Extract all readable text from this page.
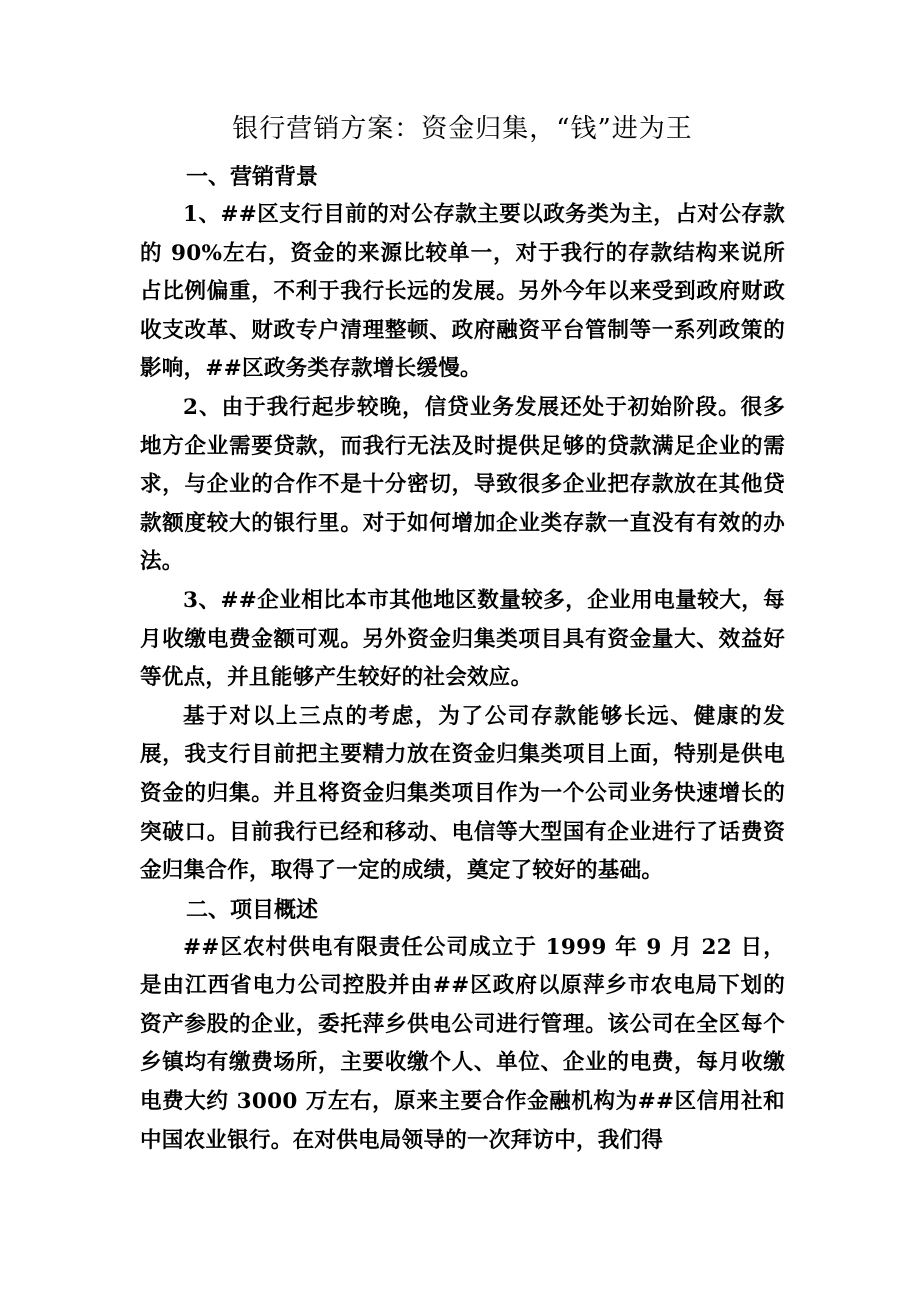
银行营销方案：资金归集，“钱”进为王
一、营销背景

1、##区支行目前的对公存款主要以政务类为主，占对公存款的 90%左右，资金的来源比较单一，对于我行的存款结构来说所占比例偏重，不利于我行长远的发展。另外今年以来受到政府财政收支改革、财政专户清理整顿、政府融资平台管制等一系列政策的影响，##区政务类存款增长缓慢。

2、由于我行起步较晚，信贷业务发展还处于初始阶段。很多地方企业需要贷款，而我行无法及时提供足够的贷款满足企业的需求，与企业的合作不是十分密切，导致很多企业把存款放在其他贷款额度较大的银行里。对于如何增加企业类存款一直没有有效的办法。

3、##企业相比本市其他地区数量较多，企业用电量较大，每月收缴电费金额可观。另外资金归集类项目具有资金量大、效益好等优点，并且能够产生较好的社会效应。

基于对以上三点的考虑，为了公司存款能够长远、健康的发展，我支行目前把主要精力放在资金归集类项目上面，特别是供电资金的归集。并且将资金归集类项目作为一个公司业务快速增长的突破口。目前我行已经和移动、电信等大型国有企业进行了话费资金归集合作，取得了一定的成绩，奠定了较好的基础。

二、项目概述

##区农村供电有限责任公司成立于 1999 年 9 月 22 日，是由江西省电力公司控股并由##区政府以原萍乡市农电局下划的资产参股的企业，委托萍乡供电公司进行管理。该公司在全区每个乡镇均有缴费场所，主要收缴个人、单位、企业的电费，每月收缴电费大约 3000 万左右，原来主要合作金融机构为##区信用社和中国农业银行。在对供电局领导的一次拜访中，我们得
